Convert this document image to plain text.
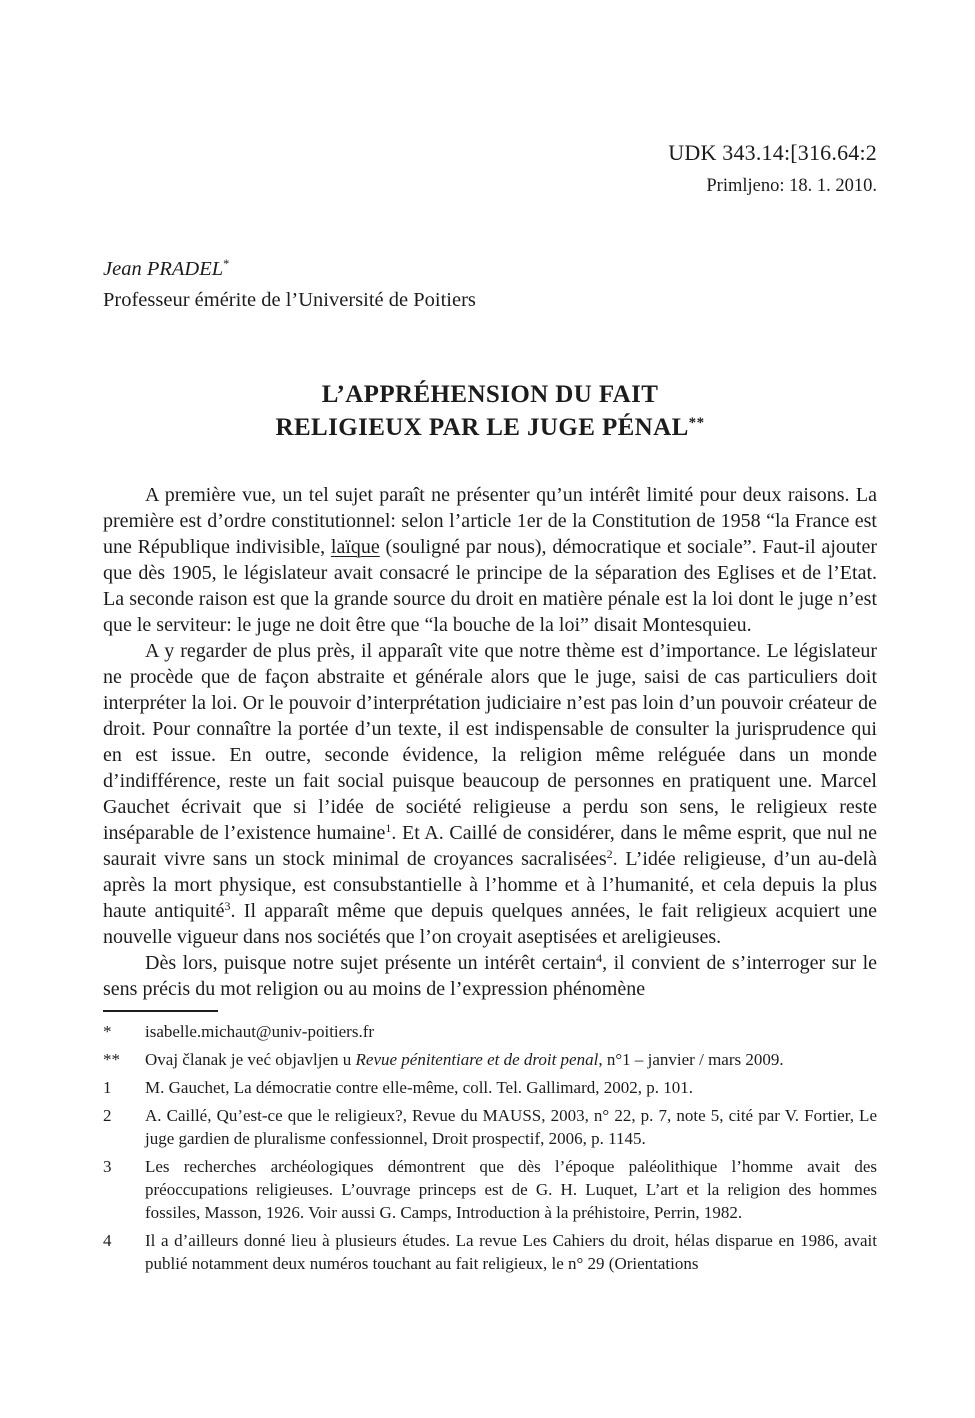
UDK 343.14:[316.64:2
Primljeno: 18. 1. 2010.
Jean PRADEL*
Professeur émérite de l’Université de Poitiers
L’APPRÉHENSION DU FAIT
RELIGIEUX PAR LE JUGE PÉNAL**

A première vue, un tel sujet paraît ne présenter qu’un intérêt limité pour deux raisons. La première est d’ordre constitutionnel: selon l’article 1er de la Constitution de 1958 “la France est une République indivisible, laïque (souligné par nous), démocratique et sociale”. Faut-il ajouter que dès 1905, le législateur avait consacré le principe de la séparation des Eglises et de l’Etat. La seconde raison est que la grande source du droit en matière pénale est la loi dont le juge n’est que le serviteur: le juge ne doit être que “la bouche de la loi” disait Montesquieu.

A y regarder de plus près, il apparaît vite que notre thème est d’importance. Le législateur ne procède que de façon abstraite et générale alors que le juge, saisi de cas particuliers doit interpréter la loi. Or le pouvoir d’interprétation judiciaire n’est pas loin d’un pouvoir créateur de droit. Pour connaître la portée d’un texte, il est indispensable de consulter la jurisprudence qui en est issue. En outre, seconde évidence, la religion même reléguée dans un monde d’indifférence, reste un fait social puisque beaucoup de personnes en pratiquent une. Marcel Gauchet écrivait que si l’idée de société religieuse a perdu son sens, le religieux reste inséparable de l’existence humaine$^1$. Et A. Caillé de considérer, dans le même esprit, que nul ne saurait vivre sans un stock minimal de croyances sacralisées$^2$. L’idée religieuse, d’un au-delà après la mort physique, est consubstantielle à l’homme et à l’humanité, et cela depuis la plus haute antiquité$^3$. Il apparaît même que depuis quelques années, le fait religieux acquiert une nouvelle vigueur dans nos sociétés que l’on croyait aseptisées et areligieuses.

Dès lors, puisque notre sujet présente un intérêt certain$^4$, il convient de s’interroger sur le sens précis du mot religion ou au moins de l’expression phénomène

*	isabelle.michaut@univ-poitiers.fr
**	Ovaj članak je već objavljen u Revue pénitentiare et de droit penal, n°1 – janvier / mars 2009.
1	M. Gauchet, La démocratie contre elle-même, coll. Tel. Gallimard, 2002, p. 101.
2	A. Caillé, Qu’est-ce que le religieux?, Revue du MAUSS, 2003, n° 22, p. 7, note 5, cité par V. Fortier, Le juge gardien de pluralisme confessionnel, Droit prospectif, 2006, p. 1145.
3	Les recherches archéologiques démontrent que dès l’époque paléolithique l’homme avait des préoccupations religieuses. L’ouvrage princeps est de G. H. Luquet, L’art et la religion des hommes fossiles, Masson, 1926. Voir aussi G. Camps, Introduction à la préhistoire, Perrin, 1982.
4	Il a d’ailleurs donné lieu à plusieurs études. La revue Les Cahiers du droit, hélas disparue en 1986, avait publié notamment deux numéros touchant au fait religieux, le n° 29 (Orientations
